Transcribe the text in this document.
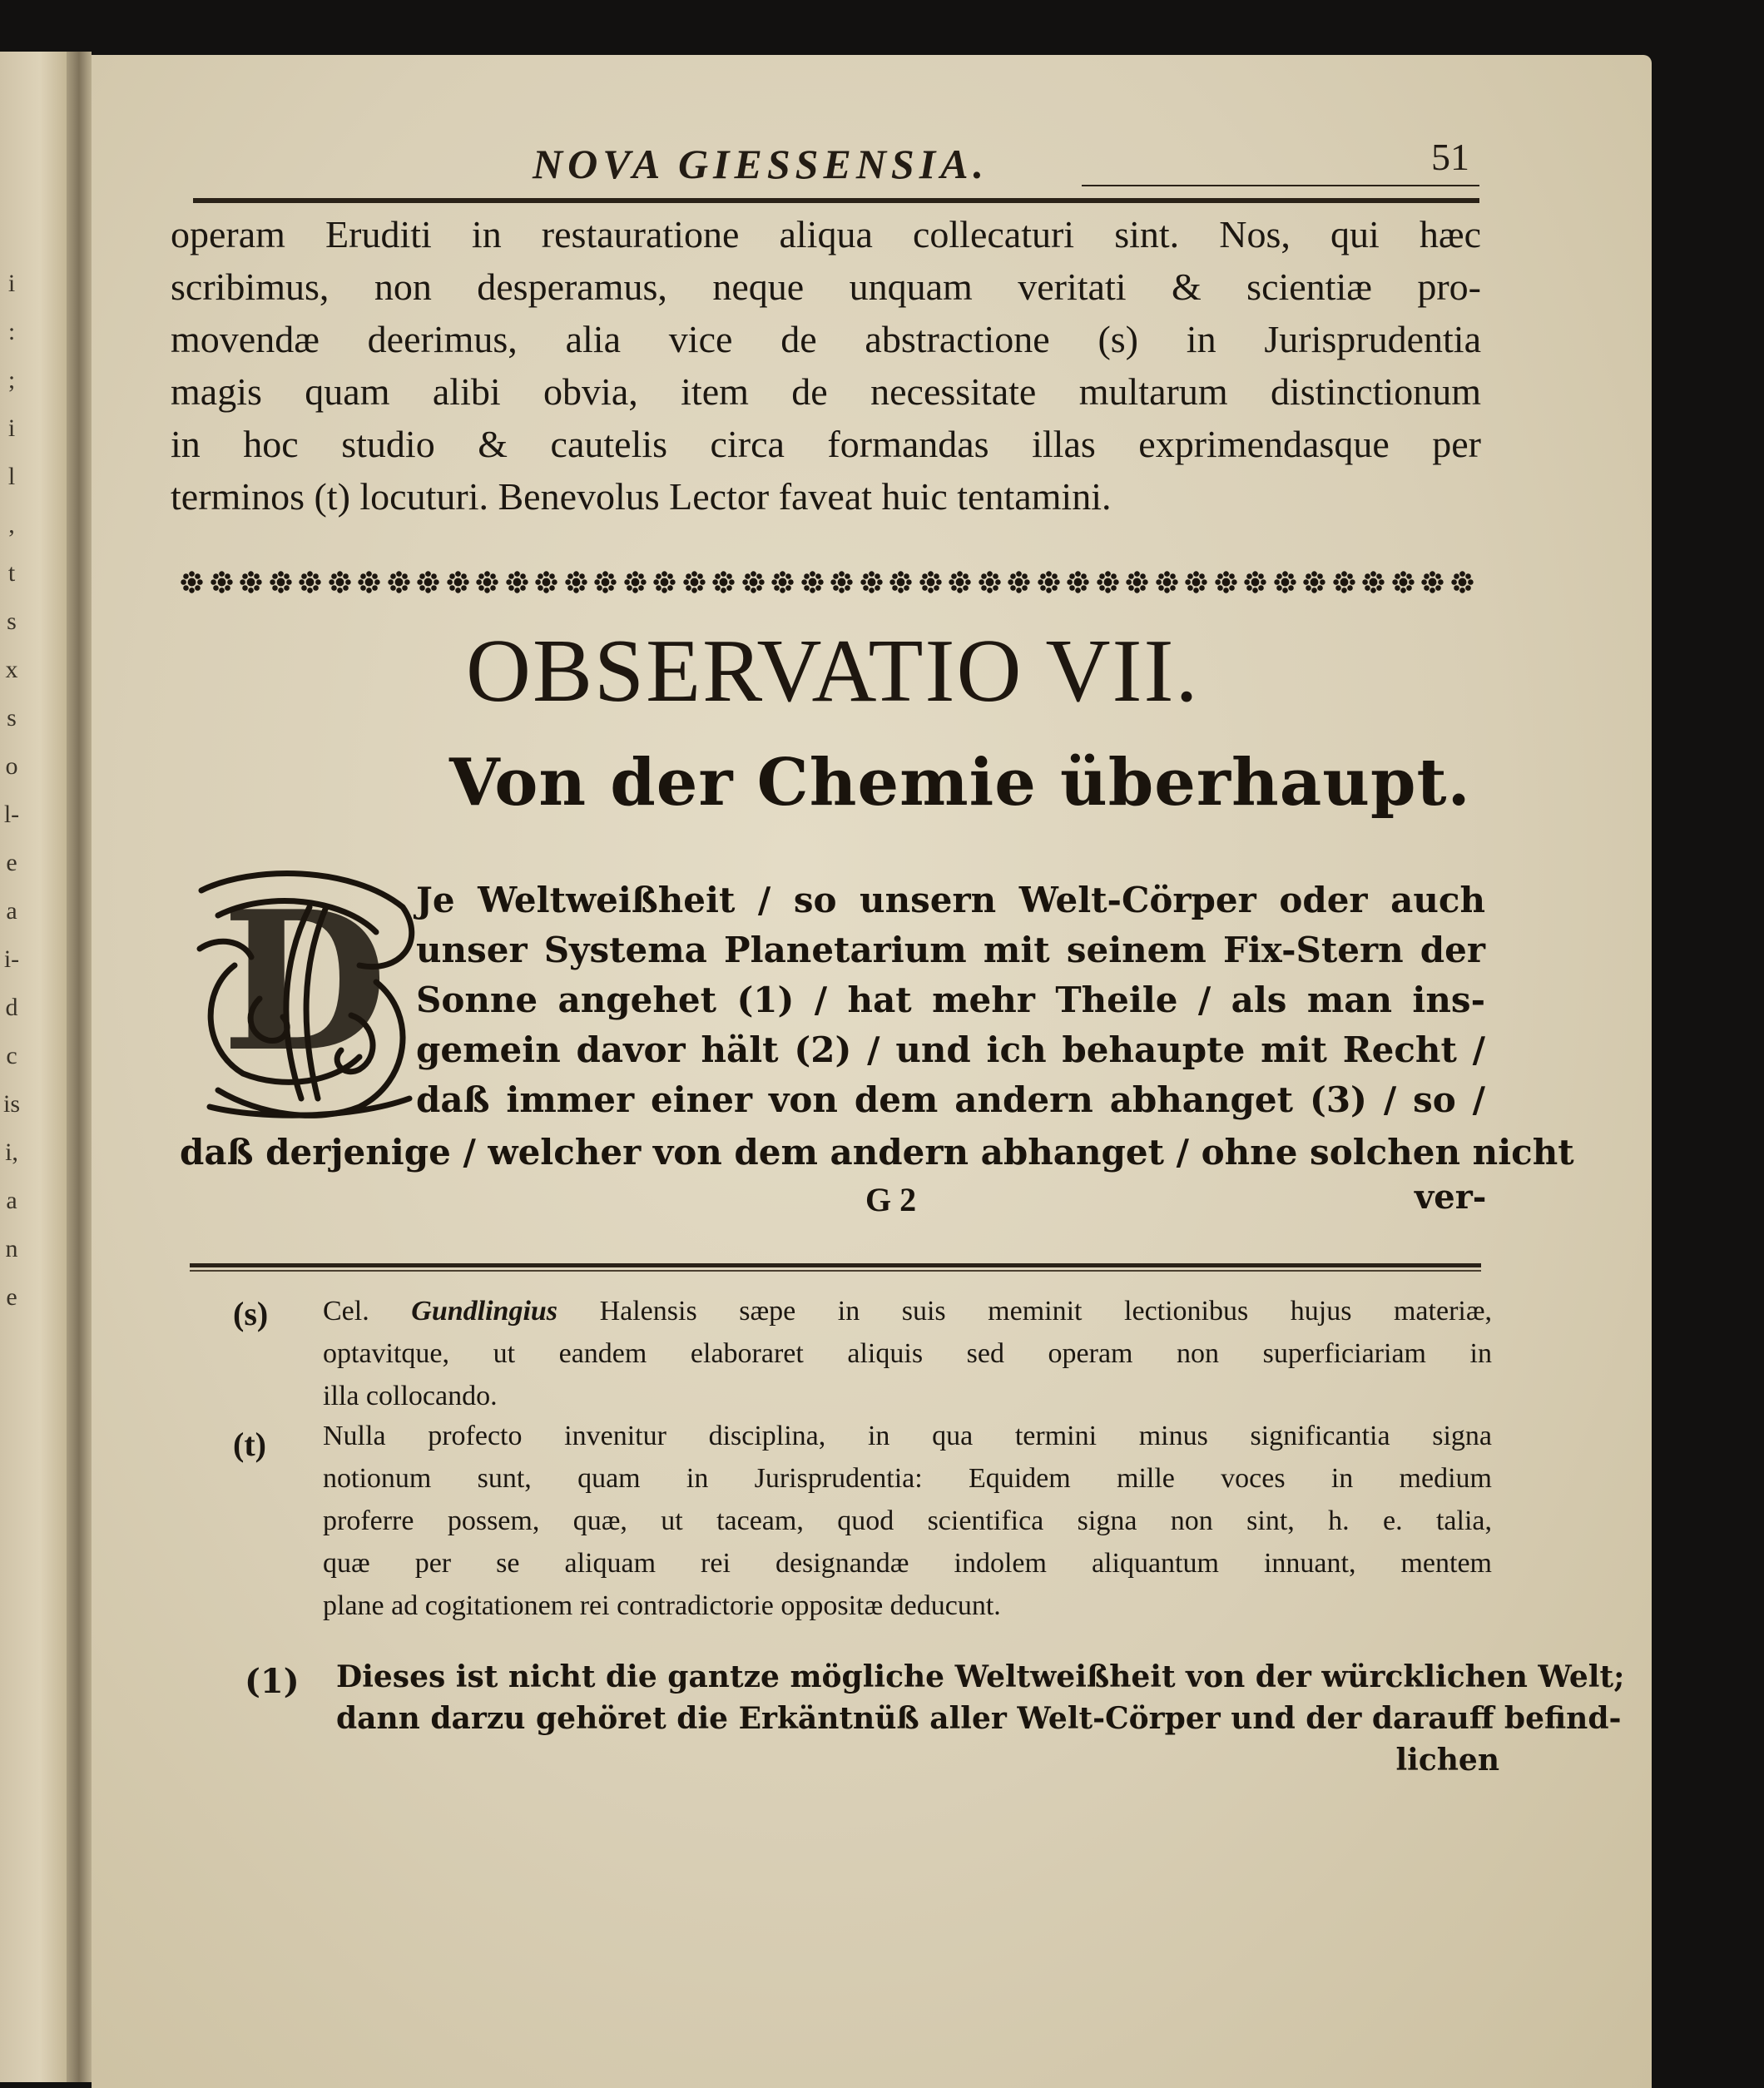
i
:
;
i
l
,
t
s
x
s
o
l-
e
a
i-
d
c
is
i,
a
n
e
NOVA GIESSENSIA.	51
operam Eruditi in restauratione aliqua collecaturi sint. Nos, qui hæc
scribimus, non desperamus, neque unquam veritati & scientiæ pro-
movendæ deerimus, alia vice de abstractione (s) in Jurisprudentia
magis quam alibi obvia, item de necessitate multarum distinctionum
in hoc studio & cautelis circa formandas illas exprimendasque per
terminos (t) locuturi. Benevolus Lector faveat huic tentamini.
OBSERVATIO VII.
Von der Chemie überhaupt.
D Je Weltweißheit / so unsern Welt-Cörper oder auch
unser Systema Planetarium mit seinem Fix-Stern der
Sonne angehet (1) / hat mehr Theile / als man ins-
gemein davor hält (2) / und ich behaupte mit Recht /
daß immer einer von dem andern abhanget (3) / so /
daß derjenige / welcher von dem andern abhanget / ohne solchen nicht
G 2	ver-
(s) Cel. Gundlingius Halensis sæpe in suis meminit lectionibus hujus materiæ,
optavitque, ut eandem elaboraret aliquis sed operam non superficiariam in
illa collocando.
(t) Nulla profecto invenitur disciplina, in qua termini minus significantia signa
notionum sunt, quam in Jurisprudentia: Equidem mille voces in medium
proferre possem, quæ, ut taceam, quod scientifica signa non sint, h. e. talia,
quæ per se aliquam rei designandæ indolem aliquantum innuant, mentem
plane ad cogitationem rei contradictorie oppositæ deducunt.
(1) Dieses ist nicht die gantze mögliche Weltweißheit von der würcklichen Welt;
dann darzu gehöret die Erkäntnüß aller Welt-Cörper und der darauff befind-
lichen
